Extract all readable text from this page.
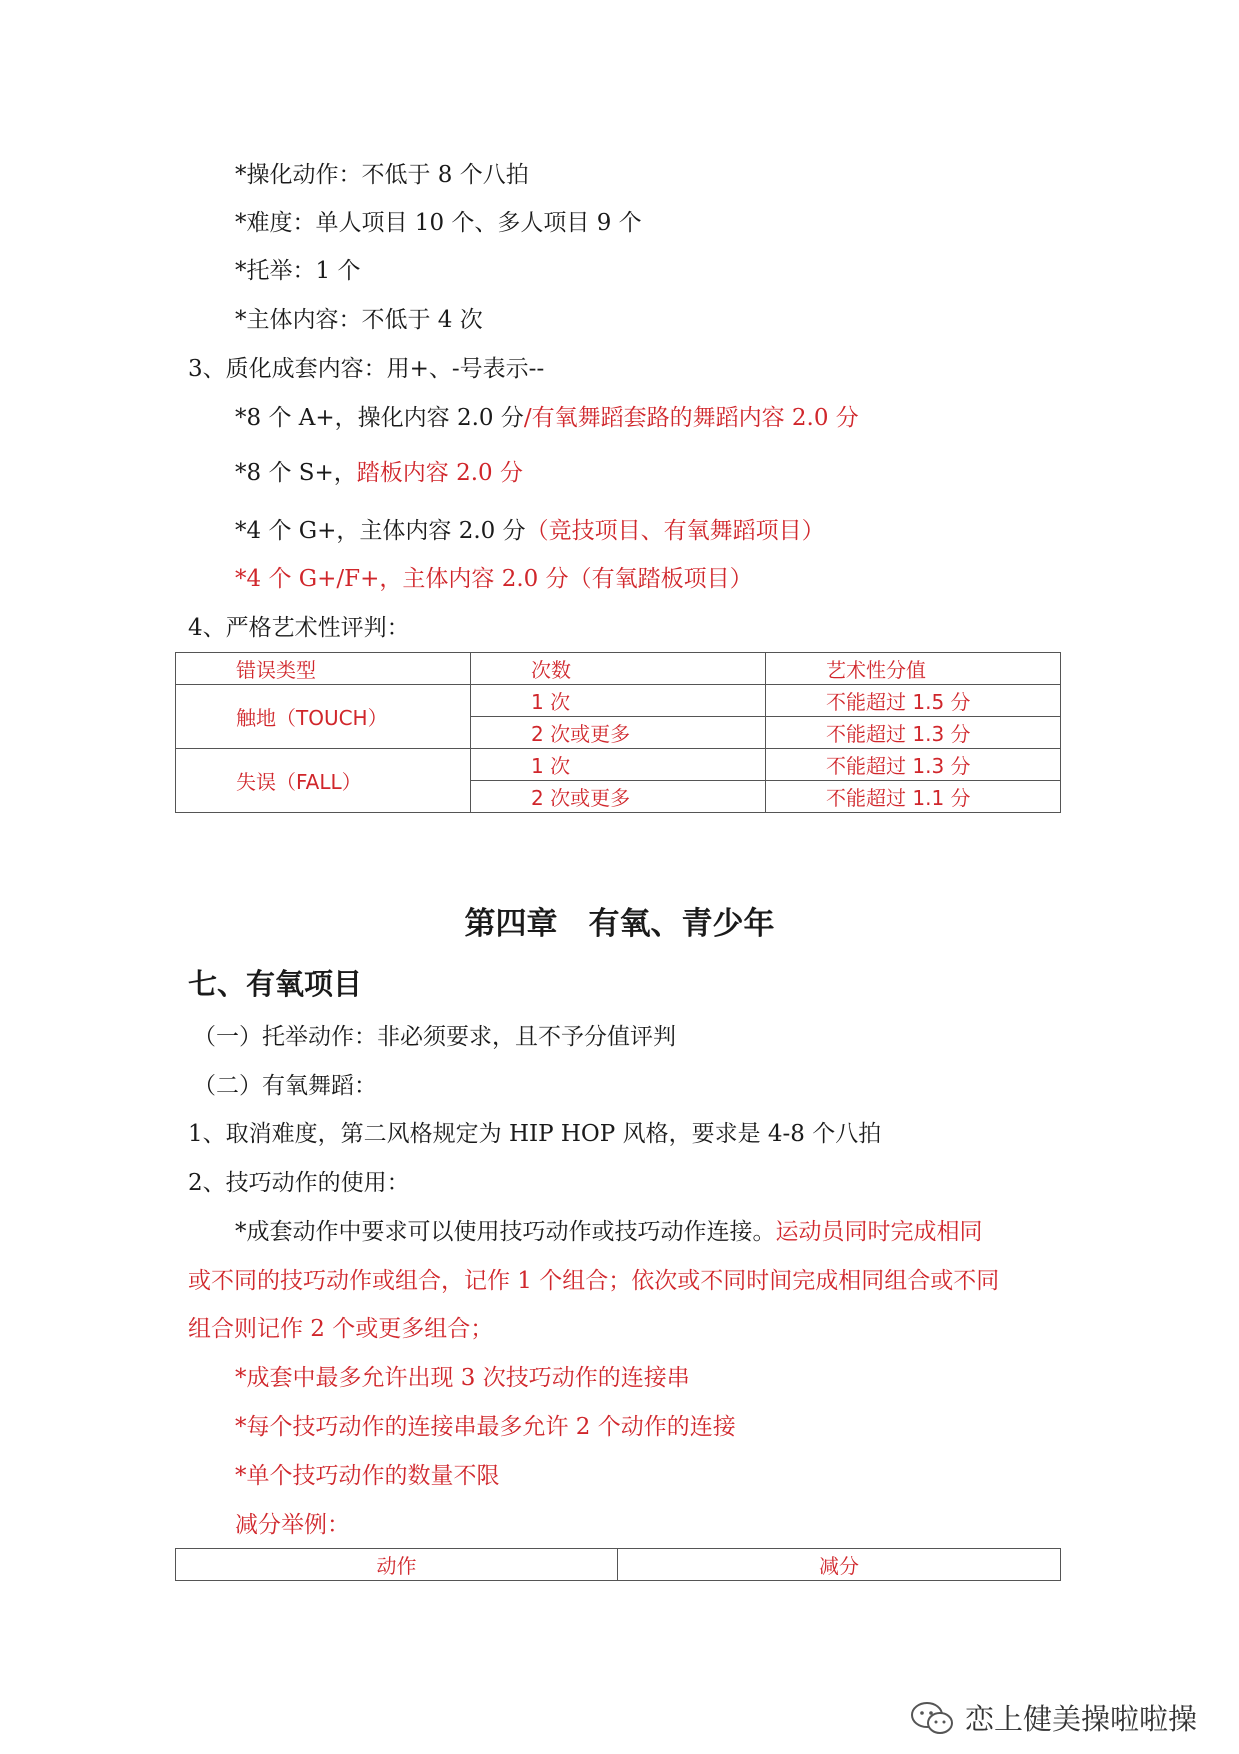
*操化动作：不低于 8 个八拍
*难度：单人项目 10 个、多人项目 9 个
*托举：1 个
*主体内容：不低于 4 次
3、质化成套内容：用+、-号表示--
*8 个 A+，操化内容 2.0 分/有氧舞蹈套路的舞蹈内容 2.0 分
*8 个 S+，踏板内容 2.0 分
*4 个 G+，主体内容 2.0 分（竞技项目、有氧舞蹈项目）
*4 个 G+/F+，主体内容 2.0 分（有氧踏板项目）
4、严格艺术性评判：
错误类型	次数	艺术性分值
触地（TOUCH）	1 次	不能超过 1.5 分
	2 次或更多	不能超过 1.3 分
失误（FALL）	1 次	不能超过 1.3 分
	2 次或更多	不能超过 1.1 分
第四章　有氧、青少年
七、有氧项目
（一）托举动作：非必须要求，且不予分值评判
（二）有氧舞蹈：
1、取消难度，第二风格规定为 HIP HOP 风格，要求是 4-8 个八拍
2、技巧动作的使用：
*成套动作中要求可以使用技巧动作或技巧动作连接。运动员同时完成相同
或不同的技巧动作或组合，记作 1 个组合；依次或不同时间完成相同组合或不同
组合则记作 2 个或更多组合；
*成套中最多允许出现 3 次技巧动作的连接串
*每个技巧动作的连接串最多允许 2 个动作的连接
*单个技巧动作的数量不限
减分举例：
动作	减分
恋上健美操啦啦操
